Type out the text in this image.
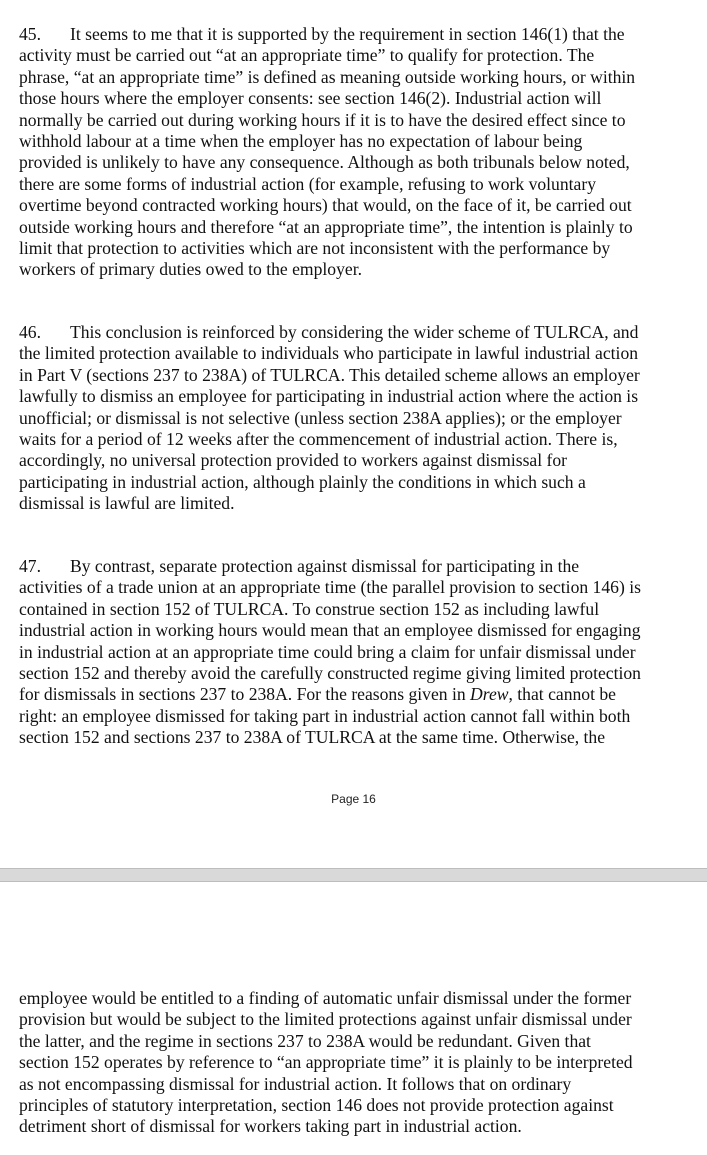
45. It seems to me that it is supported by the requirement in section 146(1) that the
activity must be carried out “at an appropriate time” to qualify for protection. The
phrase, “at an appropriate time” is defined as meaning outside working hours, or within
those hours where the employer consents: see section 146(2). Industrial action will
normally be carried out during working hours if it is to have the desired effect since to
withhold labour at a time when the employer has no expectation of labour being
provided is unlikely to have any consequence. Although as both tribunals below noted,
there are some forms of industrial action (for example, refusing to work voluntary
overtime beyond contracted working hours) that would, on the face of it, be carried out
outside working hours and therefore “at an appropriate time”, the intention is plainly to
limit that protection to activities which are not inconsistent with the performance by
workers of primary duties owed to the employer.
46. This conclusion is reinforced by considering the wider scheme of TULRCA, and
the limited protection available to individuals who participate in lawful industrial action
in Part V (sections 237 to 238A) of TULRCA. This detailed scheme allows an employer
lawfully to dismiss an employee for participating in industrial action where the action is
unofficial; or dismissal is not selective (unless section 238A applies); or the employer
waits for a period of 12 weeks after the commencement of industrial action. There is,
accordingly, no universal protection provided to workers against dismissal for
participating in industrial action, although plainly the conditions in which such a
dismissal is lawful are limited.
47. By contrast, separate protection against dismissal for participating in the
activities of a trade union at an appropriate time (the parallel provision to section 146) is
contained in section 152 of TULRCA. To construe section 152 as including lawful
industrial action in working hours would mean that an employee dismissed for engaging
in industrial action at an appropriate time could bring a claim for unfair dismissal under
section 152 and thereby avoid the carefully constructed regime giving limited protection
for dismissals in sections 237 to 238A. For the reasons given in Drew, that cannot be
right: an employee dismissed for taking part in industrial action cannot fall within both
section 152 and sections 237 to 238A of TULRCA at the same time. Otherwise, the
Page 16
employee would be entitled to a finding of automatic unfair dismissal under the former
provision but would be subject to the limited protections against unfair dismissal under
the latter, and the regime in sections 237 to 238A would be redundant. Given that
section 152 operates by reference to “an appropriate time” it is plainly to be interpreted
as not encompassing dismissal for industrial action. It follows that on ordinary
principles of statutory interpretation, section 146 does not provide protection against
detriment short of dismissal for workers taking part in industrial action.
